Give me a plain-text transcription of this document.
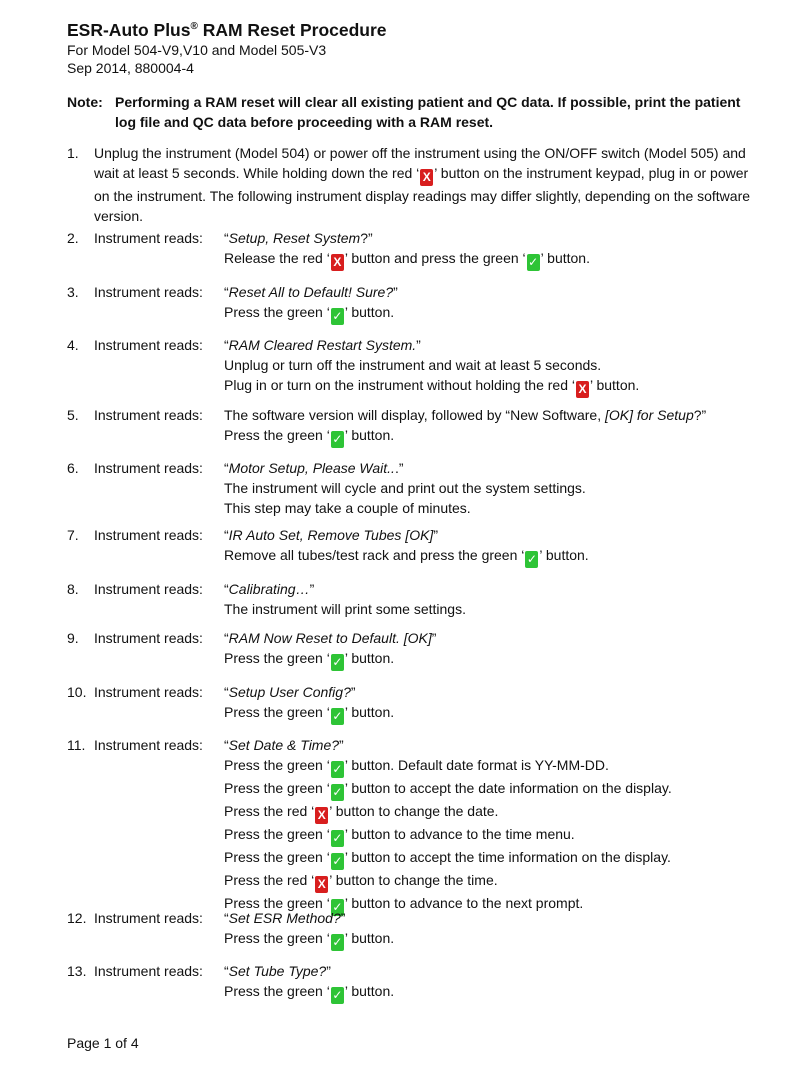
ESR-Auto Plus® RAM Reset Procedure
For Model 504-V9,V10 and Model 505-V3
Sep 2014, 880004-4
Note: Performing a RAM reset will clear all existing patient and QC data. If possible, print the patient log file and QC data before proceeding with a RAM reset.
1. Unplug the instrument (Model 504) or power off the instrument using the ON/OFF switch (Model 505) and wait at least 5 seconds. While holding down the red ‘ X ’ button on the instrument keypad, plug in or power on the instrument. The following instrument display readings may differ slightly, depending on the software version.
2. Instrument reads: “Setup, Reset System?”
Release the red ‘ X ’ button and press the green ‘ ✓ ’ button.
3. Instrument reads: “Reset All to Default! Sure?”
Press the green ‘ ✓ ’ button.
4. Instrument reads: “RAM Cleared Restart System.”
Unplug or turn off the instrument and wait at least 5 seconds.
Plug in or turn on the instrument without holding the red ‘ X ’ button.
5. Instrument reads: The software version will display, followed by “New Software, [OK] for Setup?”
Press the green ‘ ✓ ’ button.
6. Instrument reads: “Motor Setup, Please Wait...”
The instrument will cycle and print out the system settings.
This step may take a couple of minutes.
7. Instrument reads: “IR Auto Set, Remove Tubes [OK]”
Remove all tubes/test rack and press the green ‘ ✓ ’ button.
8. Instrument reads: “Calibrating…”
The instrument will print some settings.
9. Instrument reads: “RAM Now Reset to Default. [OK]”
Press the green ‘ ✓ ’ button.
10. Instrument reads: “Setup User Config?”
Press the green ‘ ✓ ’ button.
11. Instrument reads: “Set Date & Time?”
Press the green ‘ ✓ ’ button. Default date format is YY-MM-DD.
Press the green ‘ ✓ ’ button to accept the date information on the display.
Press the red ‘ X ’ button to change the date.
Press the green ‘ ✓ ’ button to advance to the time menu.
Press the green ‘ ✓ ’ button to accept the time information on the display.
Press the red ‘ X ’ button to change the time.
Press the green ‘ ✓ ’ button to advance to the next prompt.
12. Instrument reads: “Set ESR Method?”
Press the green ‘ ✓ ’ button.
13. Instrument reads: “Set Tube Type?”
Press the green ‘ ✓ ’ button.
Page 1 of 4
